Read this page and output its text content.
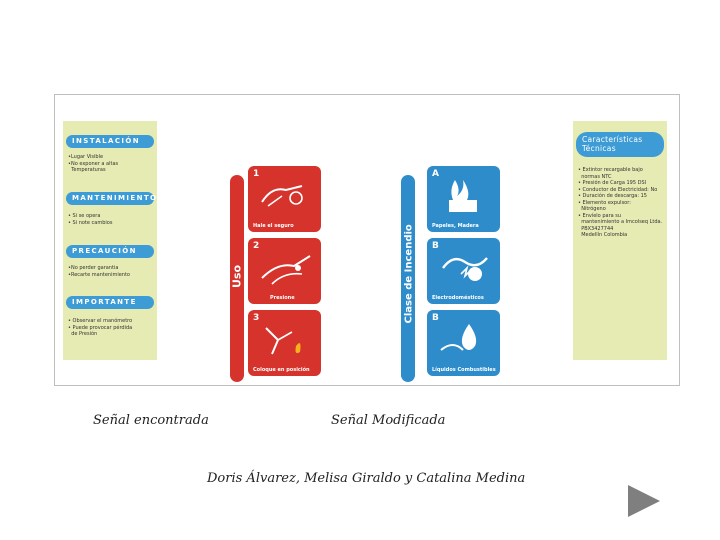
INSTALACIÓN
•Lugar Visible
•No exponer a altas
Temperaturas
MANTENIMIENTO
• Si se opera
• Si note cambios
PRECAUCIÓN
•No perder garantia
•Recarte mantenimiento
IMPORTANTE
• Observar el manómetro
• Puede provocar pérdida
de Presión
Uso
1
Hale el seguro
2
Presione
3
Coloque en posición
Clase de Incendio
A
Papeles, Madera
B
Electrodomésticos
B
Líquidos Combustibles
Características
Técnicas
• Extintor recargable bajo
normas NTC
• Presión de Carga 195 DSI
• Conductor de Electricidad: No
• Duración de descarga: 15
• Elemento expulsor:
Nitrógeno
• Envíelo para su
mantenimiento a Imcolseq Ltda.
PBX3427744
Medellín Colombia
Señal encontrada	Señal Modificada
Doris Álvarez, Melisa Giraldo y Catalina Medina
